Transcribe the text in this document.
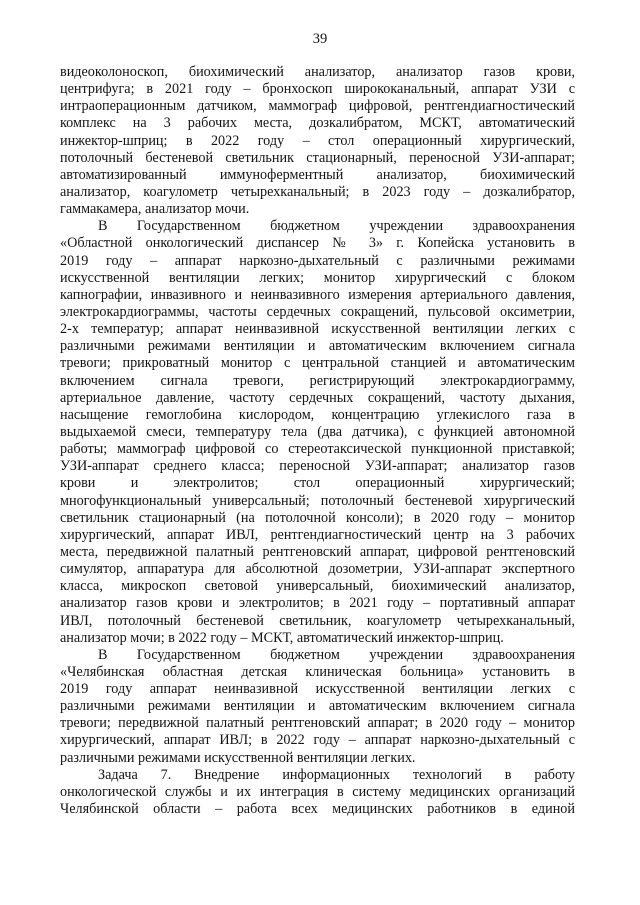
39
видеоколоноскоп, биохимический анализатор, анализатор газов крови,
центрифуга; в 2021 году – бронхоскоп ширококанальный, аппарат УЗИ с
интраоперационным датчиком, маммограф цифровой, рентгендиагностический
комплекс на 3 рабочих места, дозкалибратом, МСКТ, автоматический
инжектор-шприц; в 2022 году – стол операционный хирургический,
потолочный бестеневой светильник стационарный, переносной УЗИ-аппарат;
автоматизированный иммуноферментный анализатор, биохимический
анализатор, коагулометр четырехканальный; в 2023 году – дозкалибратор,
гаммакамера, анализатор мочи.
В Государственном бюджетном учреждении здравоохранения
«Областной онкологический диспансер № 3» г. Копейска установить в
2019 году – аппарат наркозно-дыхательный с различными режимами
искусственной вентиляции легких; монитор хирургический с блоком
капнографии, инвазивного и неинвазивного измерения артериального давления,
электрокардиограммы, частоты сердечных сокращений, пульсовой оксиметрии,
2-х температур; аппарат неинвазивной искусственной вентиляции легких с
различными режимами вентиляции и автоматическим включением сигнала
тревоги; прикроватный монитор с центральной станцией и автоматическим
включением сигнала тревоги, регистрирующий электрокардиограмму,
артериальное давление, частоту сердечных сокращений, частоту дыхания,
насыщение гемоглобина кислородом, концентрацию углекислого газа в
выдыхаемой смеси, температуру тела (два датчика), с функцией автономной
работы; маммограф цифровой со стереотаксической пункционной приставкой;
УЗИ-аппарат среднего класса; переносной УЗИ-аппарат; анализатор газов
крови и электролитов; стол операционный хирургический;
многофункциональный универсальный; потолочный бестеневой хирургический
светильник стационарный (на потолочной консоли); в 2020 году – монитор
хирургический, аппарат ИВЛ, рентгендиагностический центр на 3 рабочих
места, передвижной палатный рентгеновский аппарат, цифровой рентгеновский
симулятор, аппаратура для абсолютной дозометрии, УЗИ-аппарат экспертного
класса, микроскоп световой универсальный, биохимический анализатор,
анализатор газов крови и электролитов; в 2021 году – портативный аппарат
ИВЛ, потолочный бестеневой светильник, коагулометр четырехканальный,
анализатор мочи; в 2022 году – МСКТ, автоматический инжектор-шприц.
В Государственном бюджетном учреждении здравоохранения
«Челябинская областная детская клиническая больница» установить в
2019 году аппарат неинвазивной искусственной вентиляции легких с
различными режимами вентиляции и автоматическим включением сигнала
тревоги; передвижной палатный рентгеновский аппарат; в 2020 году – монитор
хирургический, аппарат ИВЛ; в 2022 году – аппарат наркозно-дыхательный с
различными режимами искусственной вентиляции легких.
Задача 7. Внедрение информационных технологий в работу
онкологической службы и их интеграция в систему медицинских организаций
Челябинской области – работа всех медицинских работников в единой
